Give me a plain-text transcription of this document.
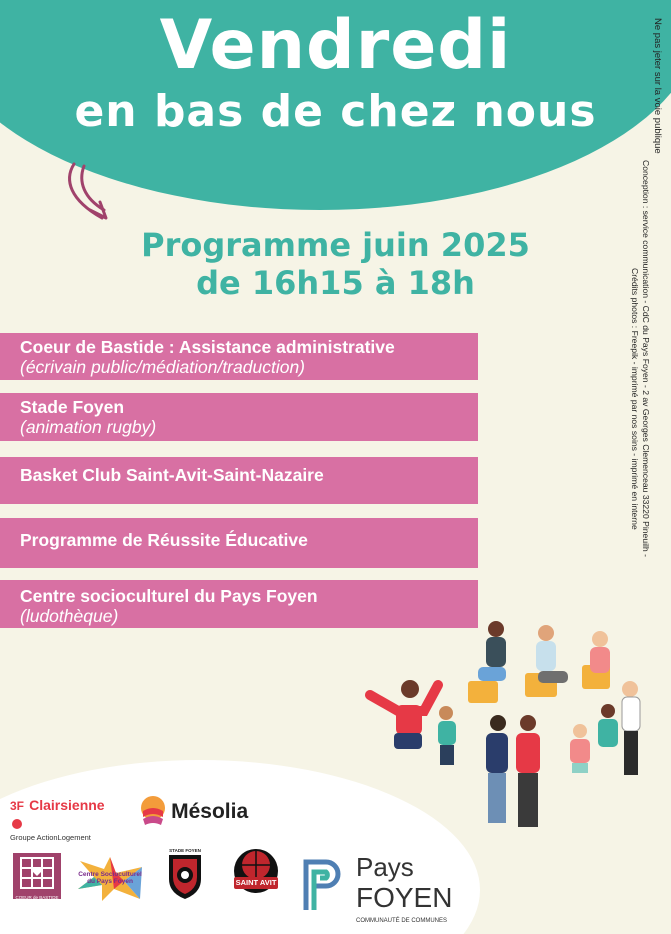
Vendredi
en bas de chez nous
Programme juin 2025
de 16h15 à 18h
Coeur de Bastide : Assistance administrative
(écrivain public/médiation/traduction)
Stade Foyen
(animation rugby)
Basket Club Saint-Avit-Saint-Nazaire
Programme de Réussite Éducative
Centre socioculturel du Pays Foyen
(ludothèque)
Ne pas jeter sur la voie publique
Conception : service communication - CdC du Pays Foyen - 2 av Georges Clemenceau 33220 Pineuilh -
Crédits photos : Freepik - imprimé par nos soins - imprimé en interne
3F Clairsienne
Groupe ActionLogement
Mésolia
COEUR de BASTIDE
Centre Socioculturel du Pays Foyen
STADE FOYEN
SAINT AVIT
Pays
FOYEN
COMMUNAUTÉ DE COMMUNES
